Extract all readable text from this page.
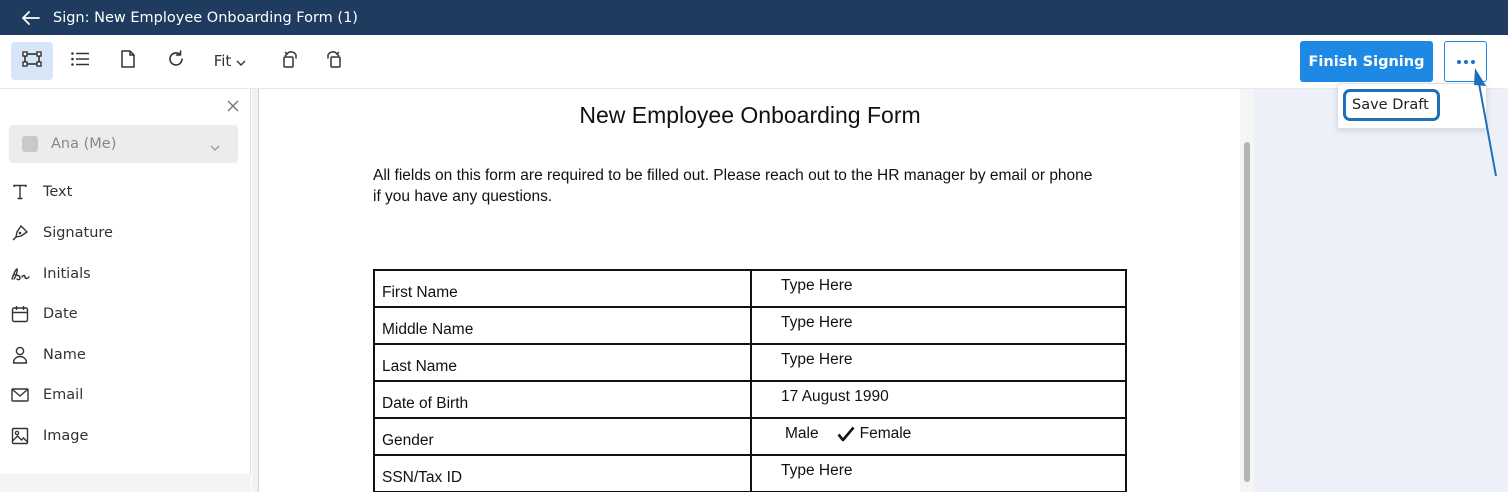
Sign: New Employee Onboarding Form (1)
Fit	Finish Signing
Ana (Me)
Text
Signature
Initials
Date
Name
Email
Image
New Employee Onboarding Form
All fields on this form are required to be filled out. Please reach out to the HR manager by email or phone
if you have any questions.
First Name	Type Here
Middle Name	Type Here
Last Name	Type Here
Date of Birth	17 August 1990
Gender	Male Female

SSN/Tax ID	Type Here

Save Draft
